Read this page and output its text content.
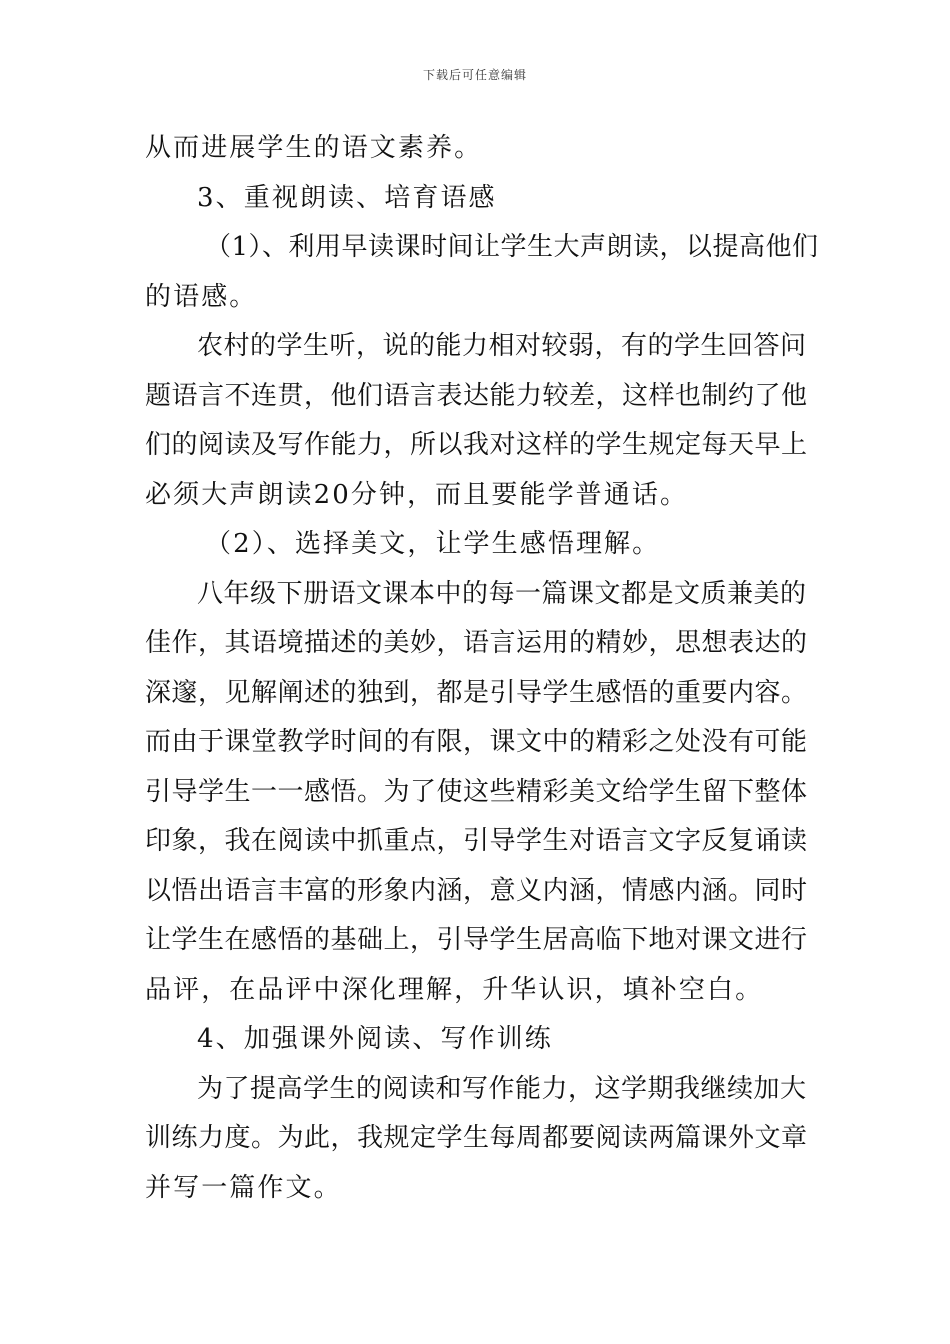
下载后可任意编辑
从而进展学生的语文素养。
3、重视朗读、培育语感
（1）、利用早读课时间让学生大声朗读，以提高他们
的语感。
农村的学生听，说的能力相对较弱，有的学生回答问
题语言不连贯，他们语言表达能力较差，这样也制约了他
们的阅读及写作能力，所以我对这样的学生规定每天早上
必须大声朗读20分钟，而且要能学普通话。
（2）、选择美文，让学生感悟理解。
八年级下册语文课本中的每一篇课文都是文质兼美的
佳作，其语境描述的美妙，语言运用的精妙，思想表达的
深邃，见解阐述的独到，都是引导学生感悟的重要内容。
而由于课堂教学时间的有限，课文中的精彩之处没有可能
引导学生一一感悟。为了使这些精彩美文给学生留下整体
印象，我在阅读中抓重点，引导学生对语言文字反复诵读
以悟出语言丰富的形象内涵，意义内涵，情感内涵。同时
让学生在感悟的基础上，引导学生居高临下地对课文进行
品评，在品评中深化理解，升华认识，填补空白。
4、加强课外阅读、写作训练
为了提高学生的阅读和写作能力，这学期我继续加大
训练力度。为此，我规定学生每周都要阅读两篇课外文章
并写一篇作文。
